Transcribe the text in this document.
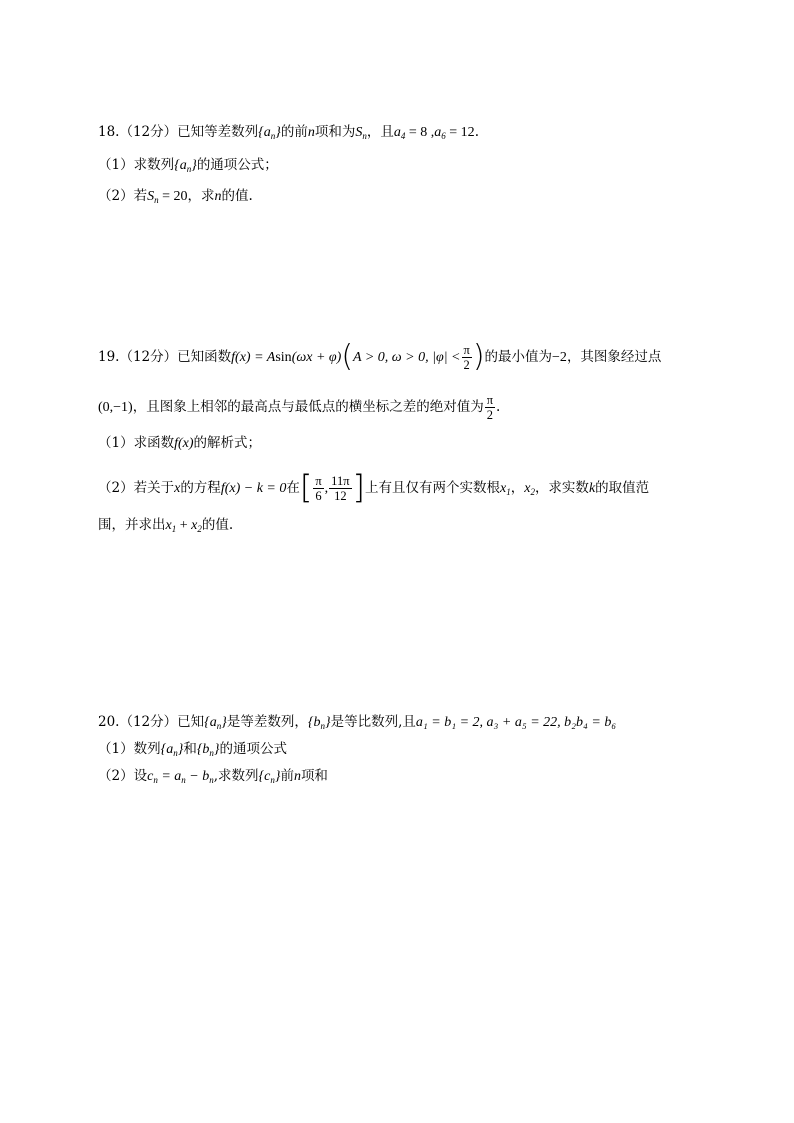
18.（12分）已知等差数列$\{a_n\}$的前n项和为$S_n$，且$a_4 = 8$ $,a_6 = 12$.
（1）求数列$\{a_n\}$的通项公式；
（2）若$S_n = 20$，求n的值.
19.（12分）已知函数f(x) = Asin(ωx + φ)(A > 0, ω > 0, $|\varphi| < \frac{\pi}{2}$ )的最小值为−2，其图象经过点
(0,−1)，且图象上相邻的最高点与最低点的横坐标之差的绝对值为 $\frac{\pi}{2}$ .
（1）求函数f(x)的解析式；
（2）若关于x的方程f(x) − k = 0在[ $\frac{\pi}{6}$ , $\frac{11\pi}{12}$ ]上有且仅有两个实数根$x_1$，$x_2$，求实数k的取值范
围，并求出$x_1 + x_2$的值.
20.（12分）已知$\{a_n\}$是等差数列，$\{b_n\}$是等比数列,且a₁ = b₁ = 2, a₃ + a₅ = 22, b₂b₄ = b₆
（1）数列$\{a_n\}$和$\{b_n\}$的通项公式
（2）设$c_n = a_n - b_n$,求数列$\{c_n\}$前n项和
